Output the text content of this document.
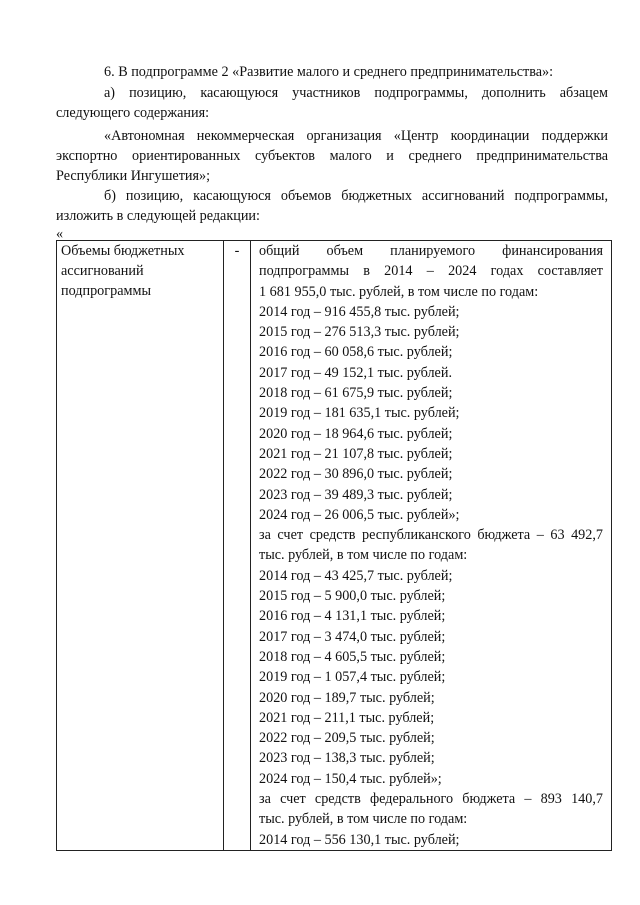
6. В подпрограмме 2 «Развитие малого и среднего предпринимательства»:

а) позицию, касающуюся участников подпрограммы, дополнить абзацем

следующего содержания:

«Автономная некоммерческая организация «Центр координации поддержки

экспортно ориентированных субъектов малого и среднего предпринимательства

Республики Ингушетия»;

б) позицию, касающуюся объемов бюджетных ассигнований подпрограммы,

изложить в следующей редакции:

«

Объемы бюджетных ассигнований подпрограммы	-	общий объем планируемого финансирования
подпрограммы в 2014 – 2024 годах составляет
1 681 955,0 тыс. рублей, в том числе по годам:
2014 год – 916 455,8 тыс. рублей;
2015 год – 276 513,3 тыс. рублей;
2016 год – 60 058,6 тыс. рублей;
2017 год – 49 152,1 тыс. рублей.
2018 год – 61 675,9 тыс. рублей;
2019 год – 181 635,1 тыс. рублей;
2020 год – 18 964,6 тыс. рублей;
2021 год – 21 107,8 тыс. рублей;
2022 год – 30 896,0 тыс. рублей;
2023 год – 39 489,3 тыс. рублей;
2024 год – 26 006,5 тыс. рублей»;
за счет средств республиканского бюджета – 63 492,7
тыс. рублей, в том числе по годам:
2014 год – 43 425,7 тыс. рублей;
2015 год – 5 900,0 тыс. рублей;
2016 год – 4 131,1 тыс. рублей;
2017 год – 3 474,0 тыс. рублей;
2018 год – 4 605,5 тыс. рублей;
2019 год – 1 057,4 тыс. рублей;
2020 год – 189,7 тыс. рублей;
2021 год – 211,1 тыс. рублей;
2022 год – 209,5 тыс. рублей;
2023 год – 138,3 тыс. рублей;
2024 год – 150,4 тыс. рублей»;
за счет средств федерального бюджета – 893 140,7
тыс. рублей, в том числе по годам:
2014 год – 556 130,1 тыс. рублей;
